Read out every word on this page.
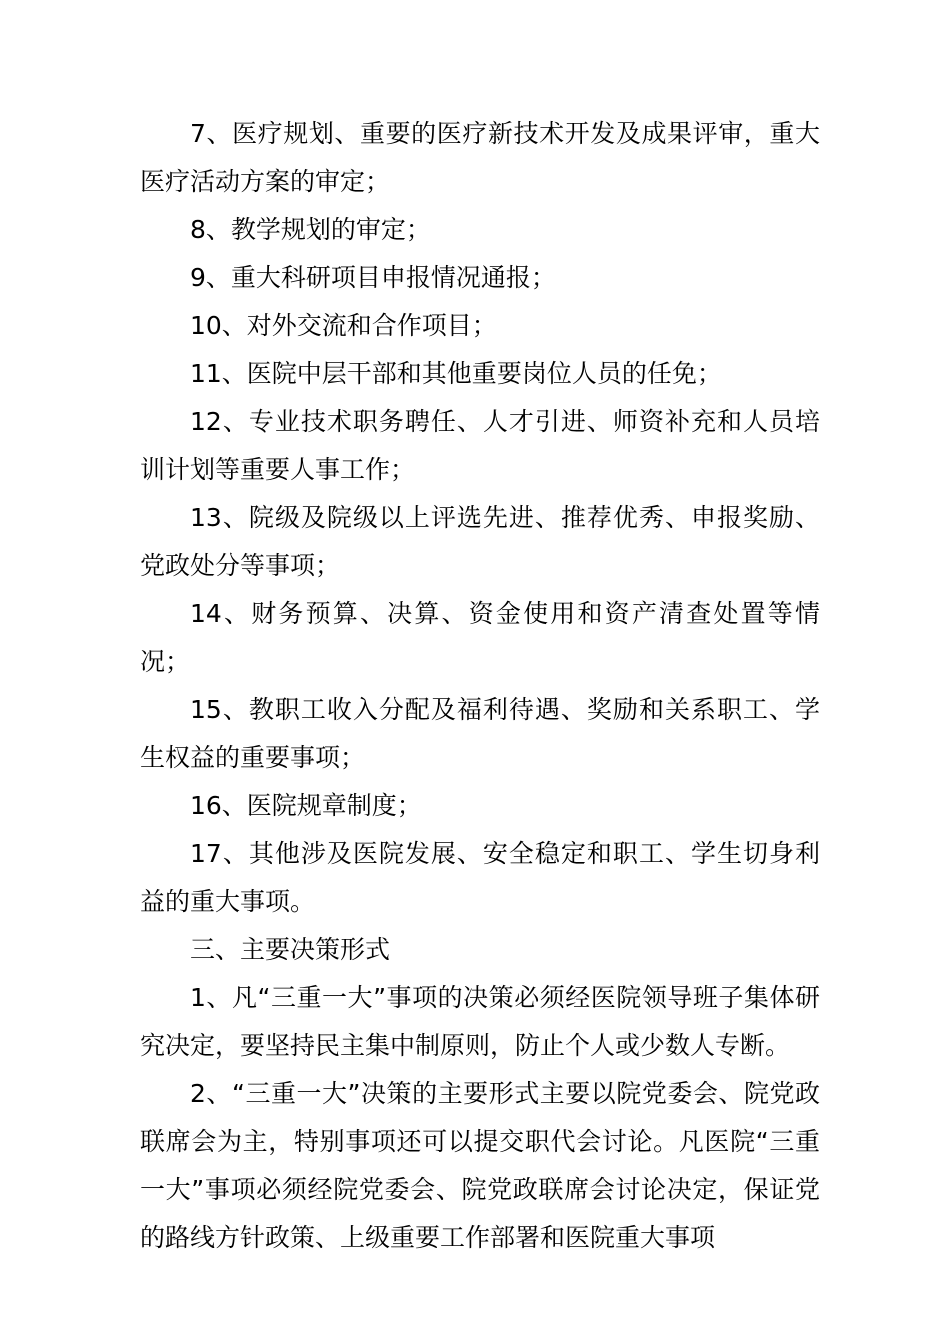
7、医疗规划、重要的医疗新技术开发及成果评审，重大医疗活动方案的审定；

8、教学规划的审定；

9、重大科研项目申报情况通报；

10、对外交流和合作项目；

11、医院中层干部和其他重要岗位人员的任免；

12、专业技术职务聘任、人才引进、师资补充和人员培训计划等重要人事工作；

13、院级及院级以上评选先进、推荐优秀、申报奖励、党政处分等事项；

14、财务预算、决算、资金使用和资产清查处置等情况；

15、教职工收入分配及福利待遇、奖励和关系职工、学生权益的重要事项；

16、医院规章制度；

17、其他涉及医院发展、安全稳定和职工、学生切身利益的重大事项。

三、主要决策形式

1、凡“三重一大”事项的决策必须经医院领导班子集体研究决定，要坚持民主集中制原则，防止个人或少数人专断。

2、“三重一大”决策的主要形式主要以院党委会、院党政联席会为主，特别事项还可以提交职代会讨论。凡医院“三重一大”事项必须经院党委会、院党政联席会讨论决定，保证党的路线方针政策、上级重要工作部署和医院重大事项
